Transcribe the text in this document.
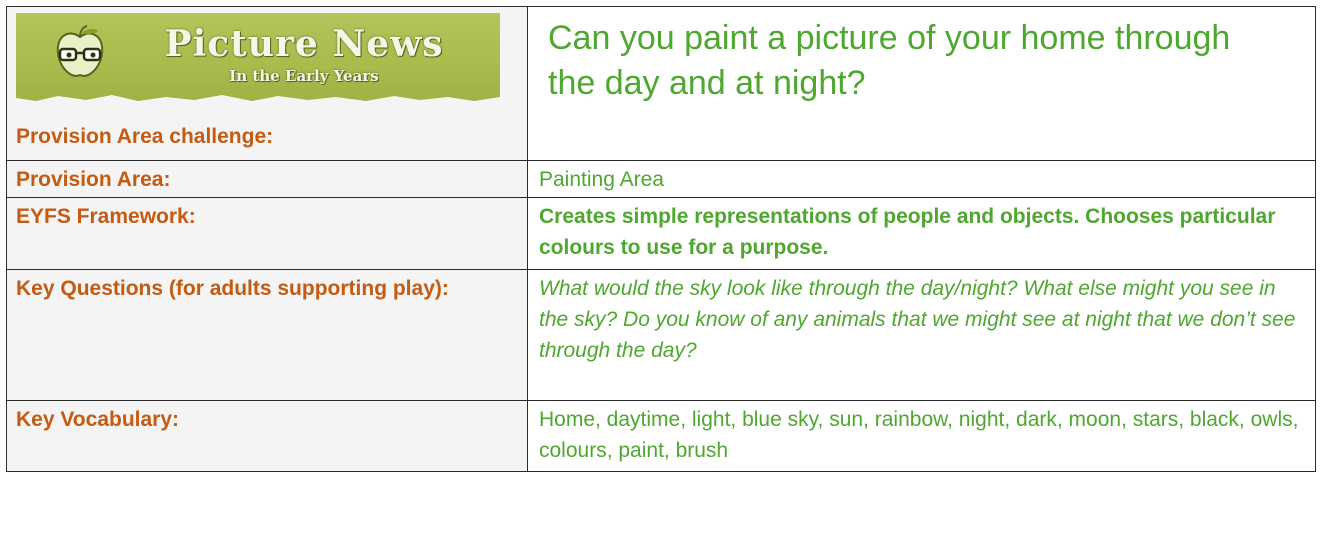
Picture News
In the Early Years
Provision Area challenge:	Can you paint a picture of your home through the day and at night?

Provision Area:	Painting Area

EYFS Framework:	Creates simple representations of people and objects. Chooses particular colours to use for a purpose.

Key Questions (for adults supporting play):	What would the sky look like through the day/night? What else might you see in the sky? Do you know of any animals that we might see at night that we don’t see through the day?

Key Vocabulary:	Home, daytime, light, blue sky, sun, rainbow, night, dark, moon, stars, black, owls, colours, paint, brush
